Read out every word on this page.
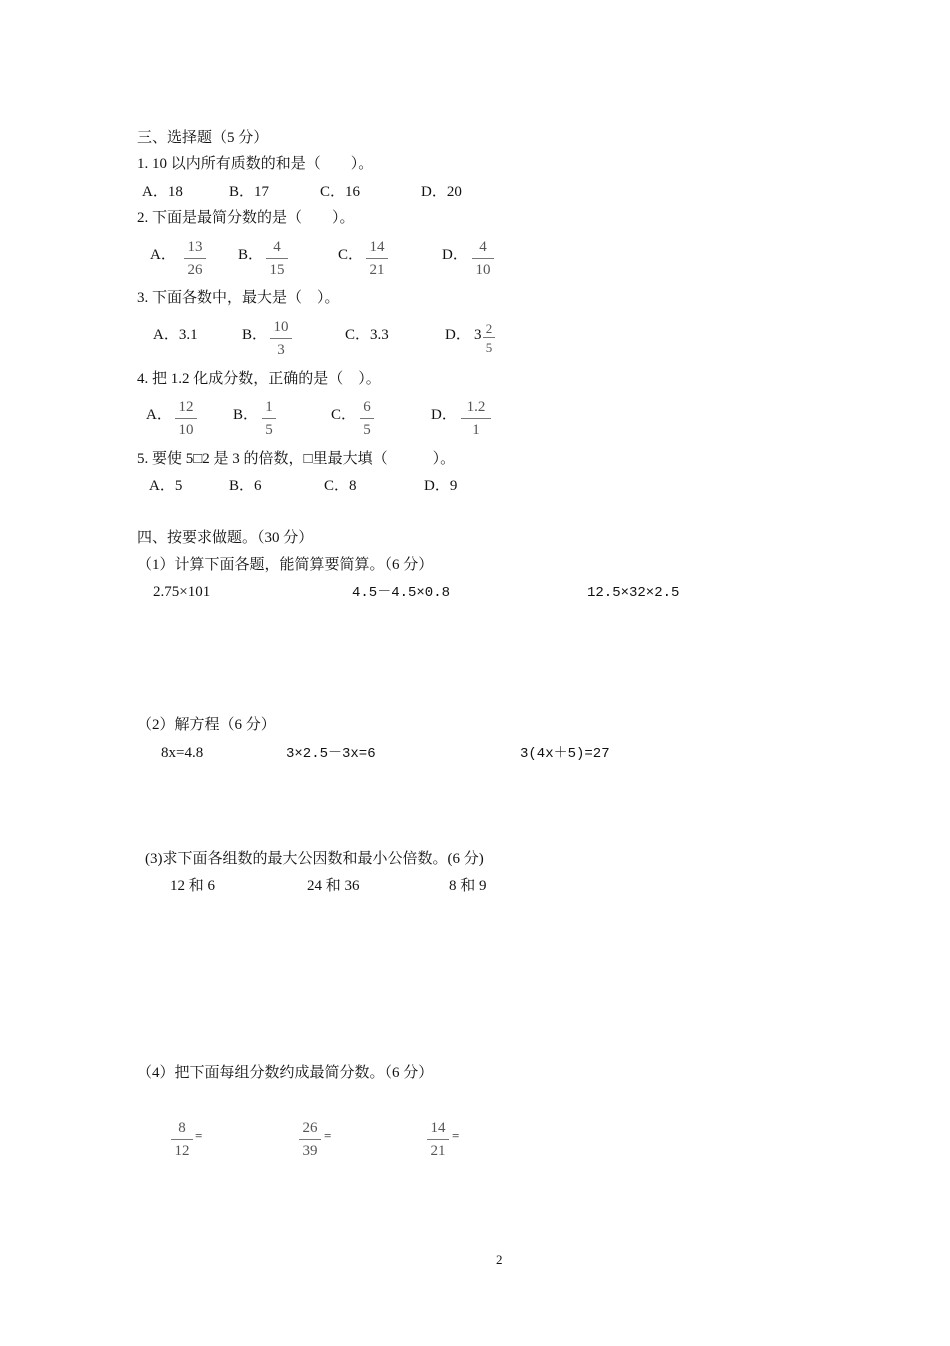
三、选择题（5 分）
1. 10 以内所有质数的和是（　　）。
A．18	B．17	C．16	D．20
2. 下面是最简分数的是（　　）。
A． $\frac{13}{26}$ B． $\frac{4}{15}$	C． $\frac{14}{21}$	D． $\frac{4}{10}$
3. 下面各数中，最大是（　）。
A．3.1	B． $\frac{10}{3}$	C．3.3	D． $3 \frac{2}{5}$
4. 把 1.2 化成分数，正确的是（　）。
A． $\frac{12}{10}$ B． $\frac{1}{5}$	C． $\frac{6}{5}$	D． $\frac{1.2}{1}$
5. 要使 5□2 是 3 的倍数，□里最大填（　　　）。
A．5	B．6	C．8	D．9
四、按要求做题。（30 分）
（1）计算下面各题，能简算要简算。（6 分）
2.75×101	4.5－4.5×0.8	12.5×32×2.5
（2）解方程（6 分）
8x=4.8	3×2.5－3x=6	3(4x＋5)=27
(3)求下面各组数的最大公因数和最小公倍数。(6 分)
12 和 6	24 和 36	8 和 9
（4）把下面每组分数约成最简分数。（6 分）
$\frac{8}{12}$ =	$\frac{26}{39}$ =	$\frac{14}{21}$ =
2
